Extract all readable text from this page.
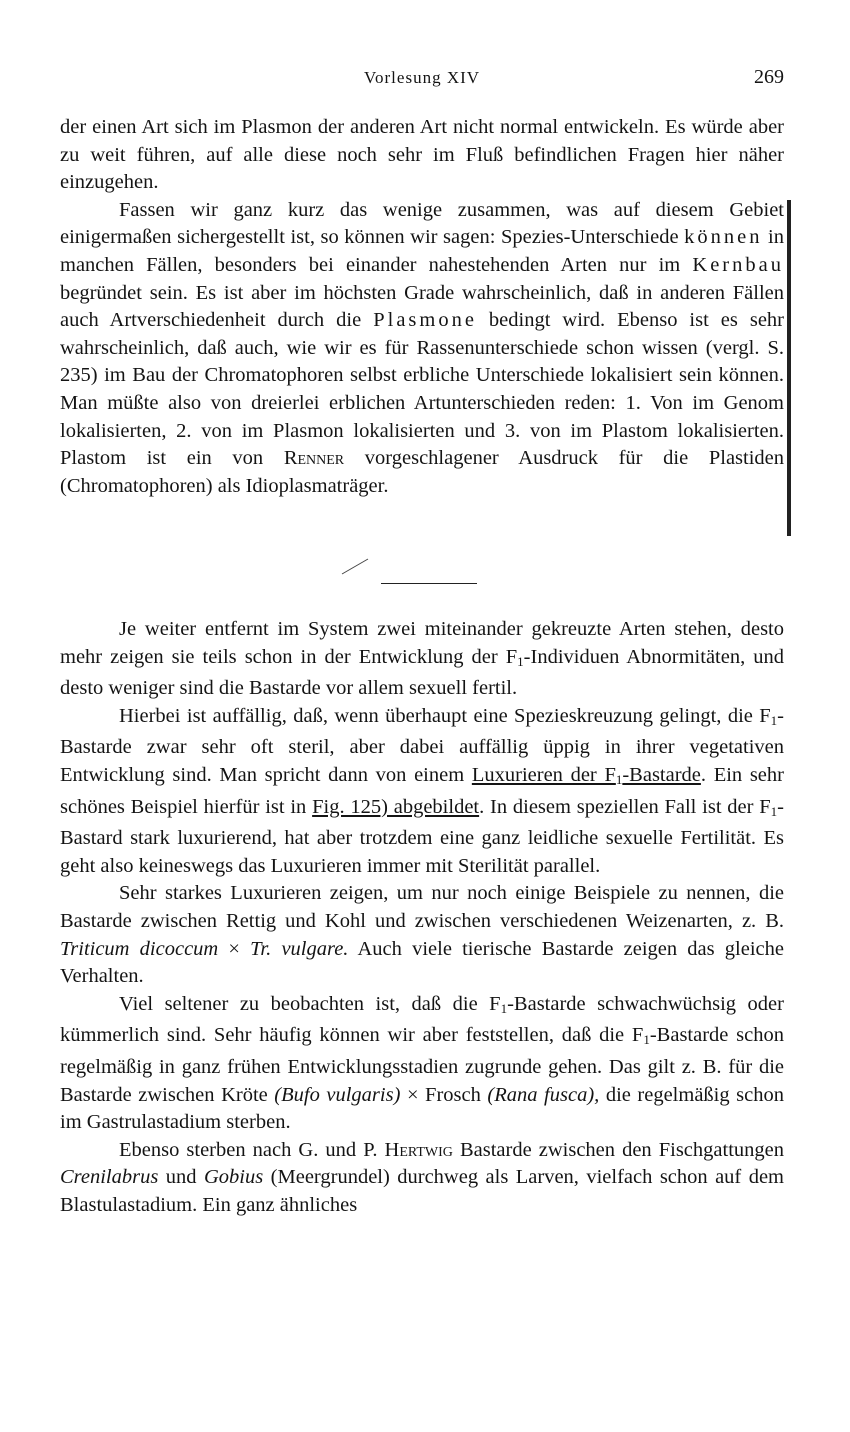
Vorlesung XIV	269

der einen Art sich im Plasmon der anderen Art nicht normal entwickeln. Es würde aber zu weit führen, auf alle diese noch sehr im Fluß befindlichen Fragen hier näher einzugehen.

Fassen wir ganz kurz das wenige zusammen, was auf diesem Gebiet einigermaßen sichergestellt ist, so können wir sagen: Spezies-Unterschiede können in manchen Fällen, besonders bei einander nahestehenden Arten nur im Kernbau begründet sein. Es ist aber im höchsten Grade wahrscheinlich, daß in anderen Fällen auch Artverschiedenheit durch die Plasmone bedingt wird. Ebenso ist es sehr wahrscheinlich, daß auch, wie wir es für Rassenunterschiede schon wissen (vergl. S. 235) im Bau der Chromatophoren selbst erbliche Unterschiede lokalisiert sein können. Man müßte also von dreierlei erblichen Artunterschieden reden: 1. Von im Genom lokalisierten, 2. von im Plasmon lokalisierten und 3. von im Plastom lokalisierten. Plastom ist ein von Renner vorgeschlagener Ausdruck für die Plastiden (Chromatophoren) als Idioplasmaträger.

Je weiter entfernt im System zwei miteinander gekreuzte Arten stehen, desto mehr zeigen sie teils schon in der Entwicklung der $F_1$-Individuen Abnormitäten, und desto weniger sind die Bastarde vor allem sexuell fertil.

Hierbei ist auffällig, daß, wenn überhaupt eine Spezieskreuzung gelingt, die $F_1$-Bastarde zwar sehr oft steril, aber dabei auffällig üppig in ihrer vegetativen Entwicklung sind. Man spricht dann von einem Luxurieren der $F_1$-Bastarde. Ein sehr schönes Beispiel hierfür ist in Fig. 125) abgebildet. In diesem speziellen Fall ist der $F_1$-Bastard stark luxurierend, hat aber trotzdem eine ganz leidliche sexuelle Fertilität. Es geht also keineswegs das Luxurieren immer mit Sterilität parallel.

Sehr starkes Luxurieren zeigen, um nur noch einige Beispiele zu nennen, die Bastarde zwischen Rettig und Kohl und zwischen verschiedenen Weizenarten, z. B. Triticum dicoccum × Tr. vulgare. Auch viele tierische Bastarde zeigen das gleiche Verhalten.

Viel seltener zu beobachten ist, daß die $F_1$-Bastarde schwachwüchsig oder kümmerlich sind. Sehr häufig können wir aber feststellen, daß die $F_1$-Bastarde schon regelmäßig in ganz frühen Entwicklungsstadien zugrunde gehen. Das gilt z. B. für die Bastarde zwischen Kröte (Bufo vulgaris) × Frosch (Rana fusca), die regelmäßig schon im Gastrulastadium sterben.

Ebenso sterben nach G. und P. Hertwig Bastarde zwischen den Fischgattungen Crenilabrus und Gobius (Meergrundel) durchweg als Larven, vielfach schon auf dem Blastulastadium. Ein ganz ähnliches
